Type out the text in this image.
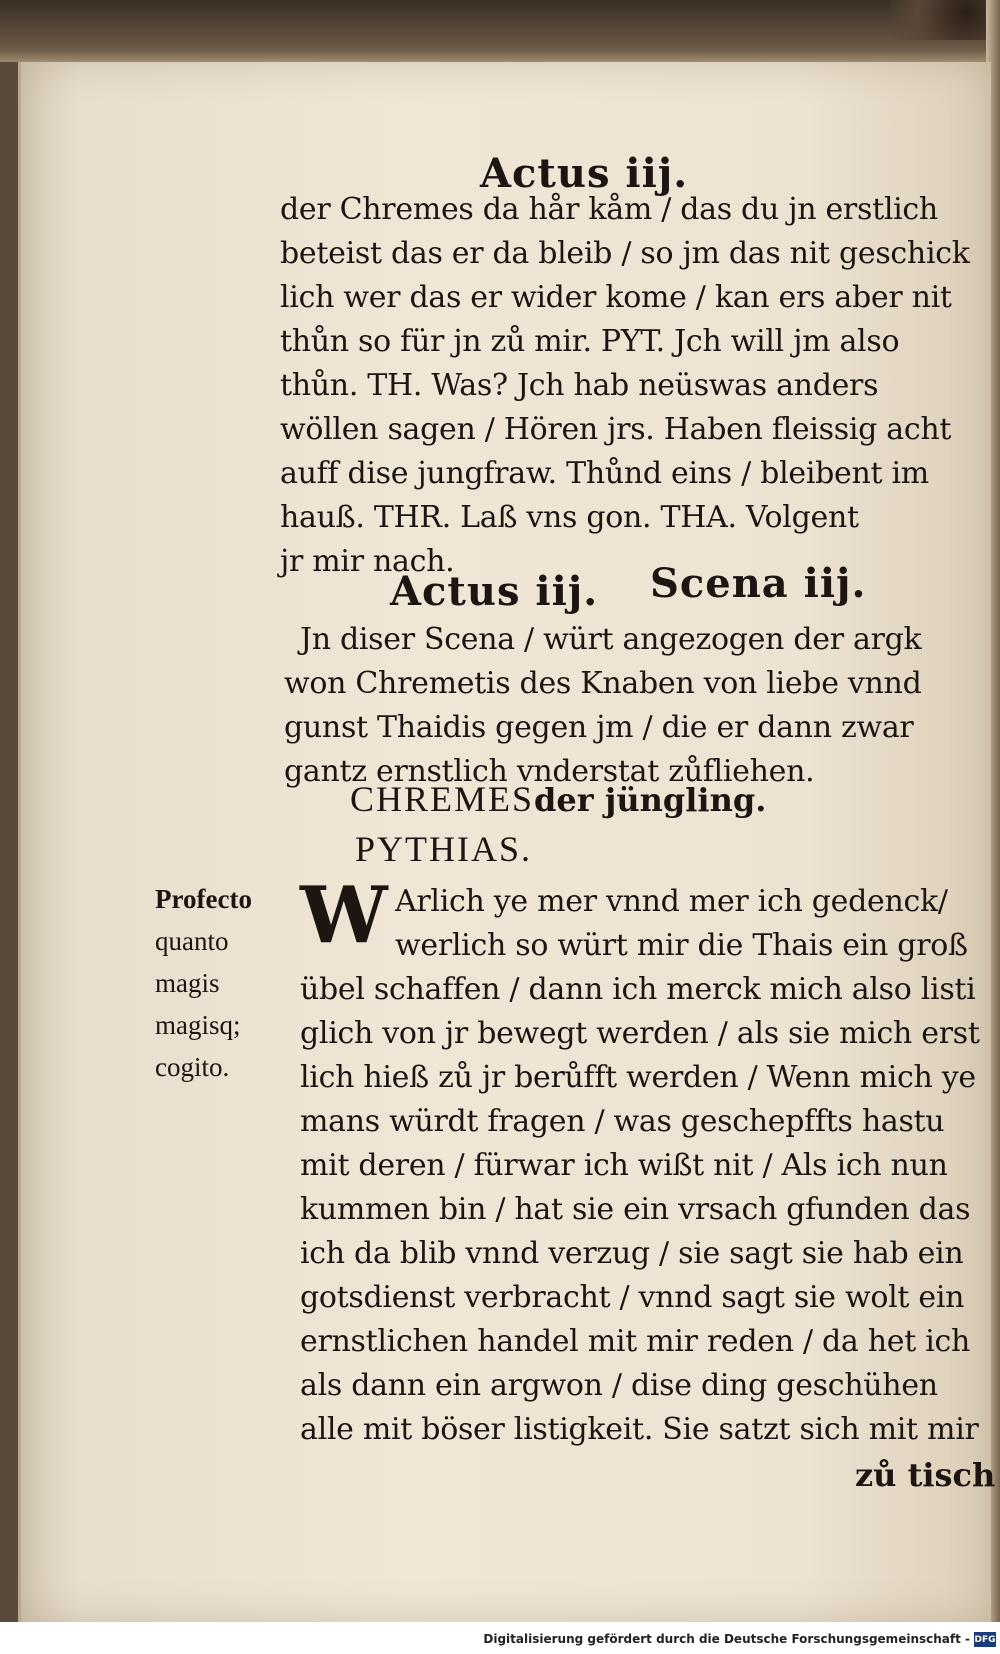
Actus iij.
der Chremes da hår kåm / das du jn erstlich
beteist das er da bleib / so jm das nit geschick
lich wer das er wider kome / kan ers aber nit
thůn so für jn zů mir. PYT. Jch will jm also
thůn. TH. Was? Jch hab neüswas anders
wöllen sagen / Hören jrs. Haben fleissig acht
auff dise jungfraw. Thůnd eins / bleibent im
hauß. THR. Laß vns gon. THA. Volgent
jr mir nach.
Actus iij. Scena iij.
Jn diser Scena / würt angezogen der argk
won Chremetis des Knaben von liebe vnnd
gunst Thaidis gegen jm / die er dann zwar
gantz ernstlich vnderstat zůfliehen.
CHREMESder jüngling.
PYTHIAS.
Profecto
quanto
magis
magisq;
cogito.
W Arlich ye mer vnnd mer ich gedenck/
werlich so würt mir die Thais ein groß
übel schaffen / dann ich merck mich also listi
glich von jr bewegt werden / als sie mich erst
lich hieß zů jr berůfft werden / Wenn mich ye
mans würdt fragen / was geschepffts hastu
mit deren / fürwar ich wißt nit / Als ich nun
kummen bin / hat sie ein vrsach gfunden das
ich da blib vnnd verzug / sie sagt sie hab ein
gotsdienst verbracht / vnnd sagt sie wolt ein
ernstlichen handel mit mir reden / da het ich
als dann ein argwon / dise ding geschühen
alle mit böser listigkeit. Sie satzt sich mit mir
zů tisch
Digitalisierung gefördert durch die Deutsche Forschungsgemeinschaft - DFG
